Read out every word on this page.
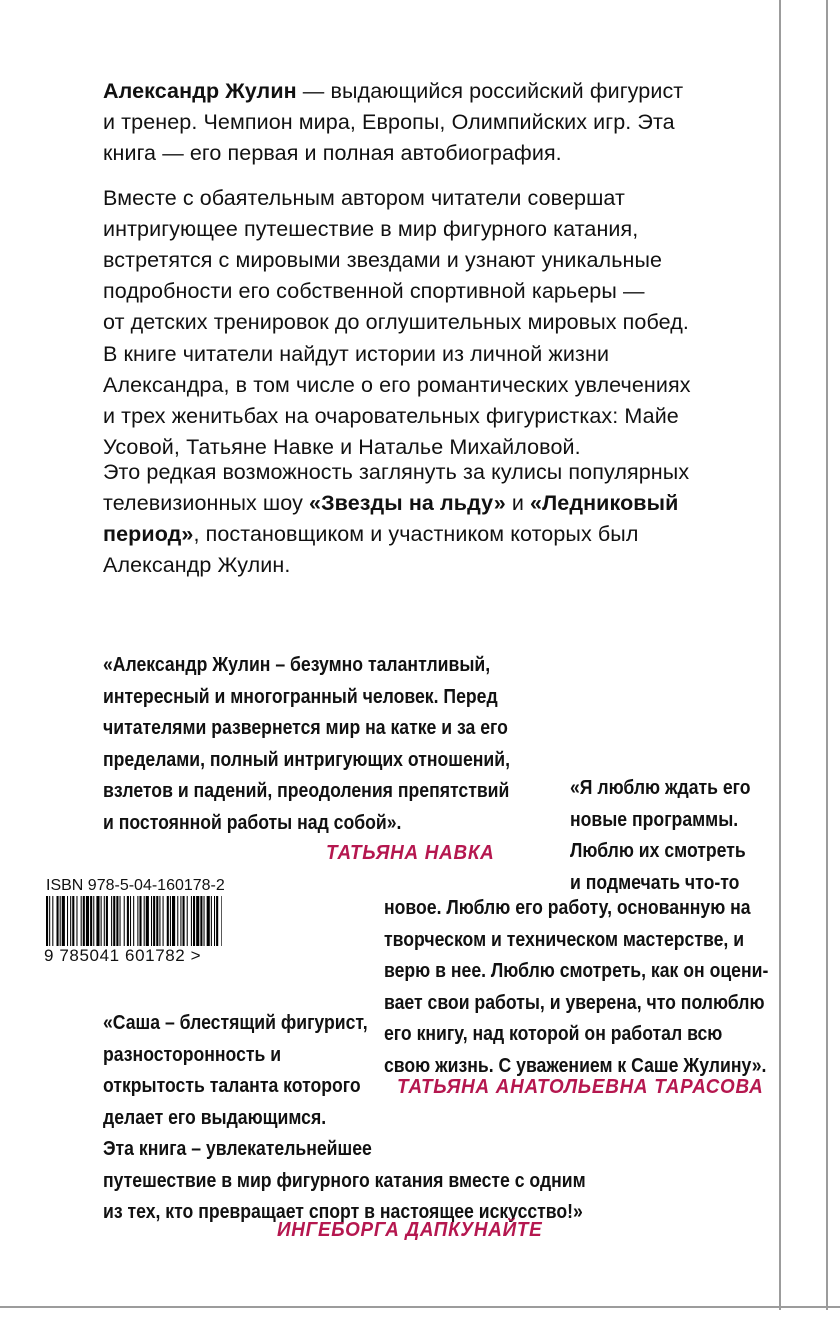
Александр Жулин — выдающийся российский фигурист
и тренер. Чемпион мира, Европы, Олимпийских игр. Эта
книга — его первая и полная автобиография.
Вместе с обаятельным автором читатели совершат
интригующее путешествие в мир фигурного катания,
встретятся с мировыми звездами и узнают уникальные
подробности его собственной спортивной карьеры —
от детских тренировок до оглушительных мировых побед.
В книге читатели найдут истории из личной жизни
Александра, в том числе о его романтических увлечениях
и трех женитьбах на очаровательных фигуристках: Майе
Усовой, Татьяне Навке и Наталье Михайловой.
Это редкая возможность заглянуть за кулисы популярных
телевизионных шоу «Звезды на льду» и «Ледниковый
период», постановщиком и участником которых был
Александр Жулин.
«Александр Жулин – безумно талантливый,
интересный и многогранный человек. Перед
читателями развернется мир на катке и за его
пределами, полный интригующих отношений,
взлетов и падений, преодоления препятствий
и постоянной работы над собой».
ТАТЬЯНА НАВКА
«Я люблю ждать его
новые программы.
Люблю их смотреть
и подмечать что-то
новое. Люблю его работу, основанную на
творческом и техническом мастерстве, и
верю в нее. Люблю смотреть, как он оцени-
вает свои работы, и уверена, что полюблю
его книгу, над которой он работал всю
свою жизнь. С уважением к Саше Жулину».
ТАТЬЯНА АНАТОЛЬЕВНА ТАРАСОВА
ISBN 978-5-04-160178-2
9 785041 601782 >
«Саша – блестящий фигурист,
разносторонность и
открытость таланта которого
делает его выдающимся.
Эта книга – увлекательнейшее
путешествие в мир фигурного катания вместе с одним
из тех, кто превращает спорт в настоящее искусство!»
ИНГЕБОРГА ДАПКУНАЙТЕ
